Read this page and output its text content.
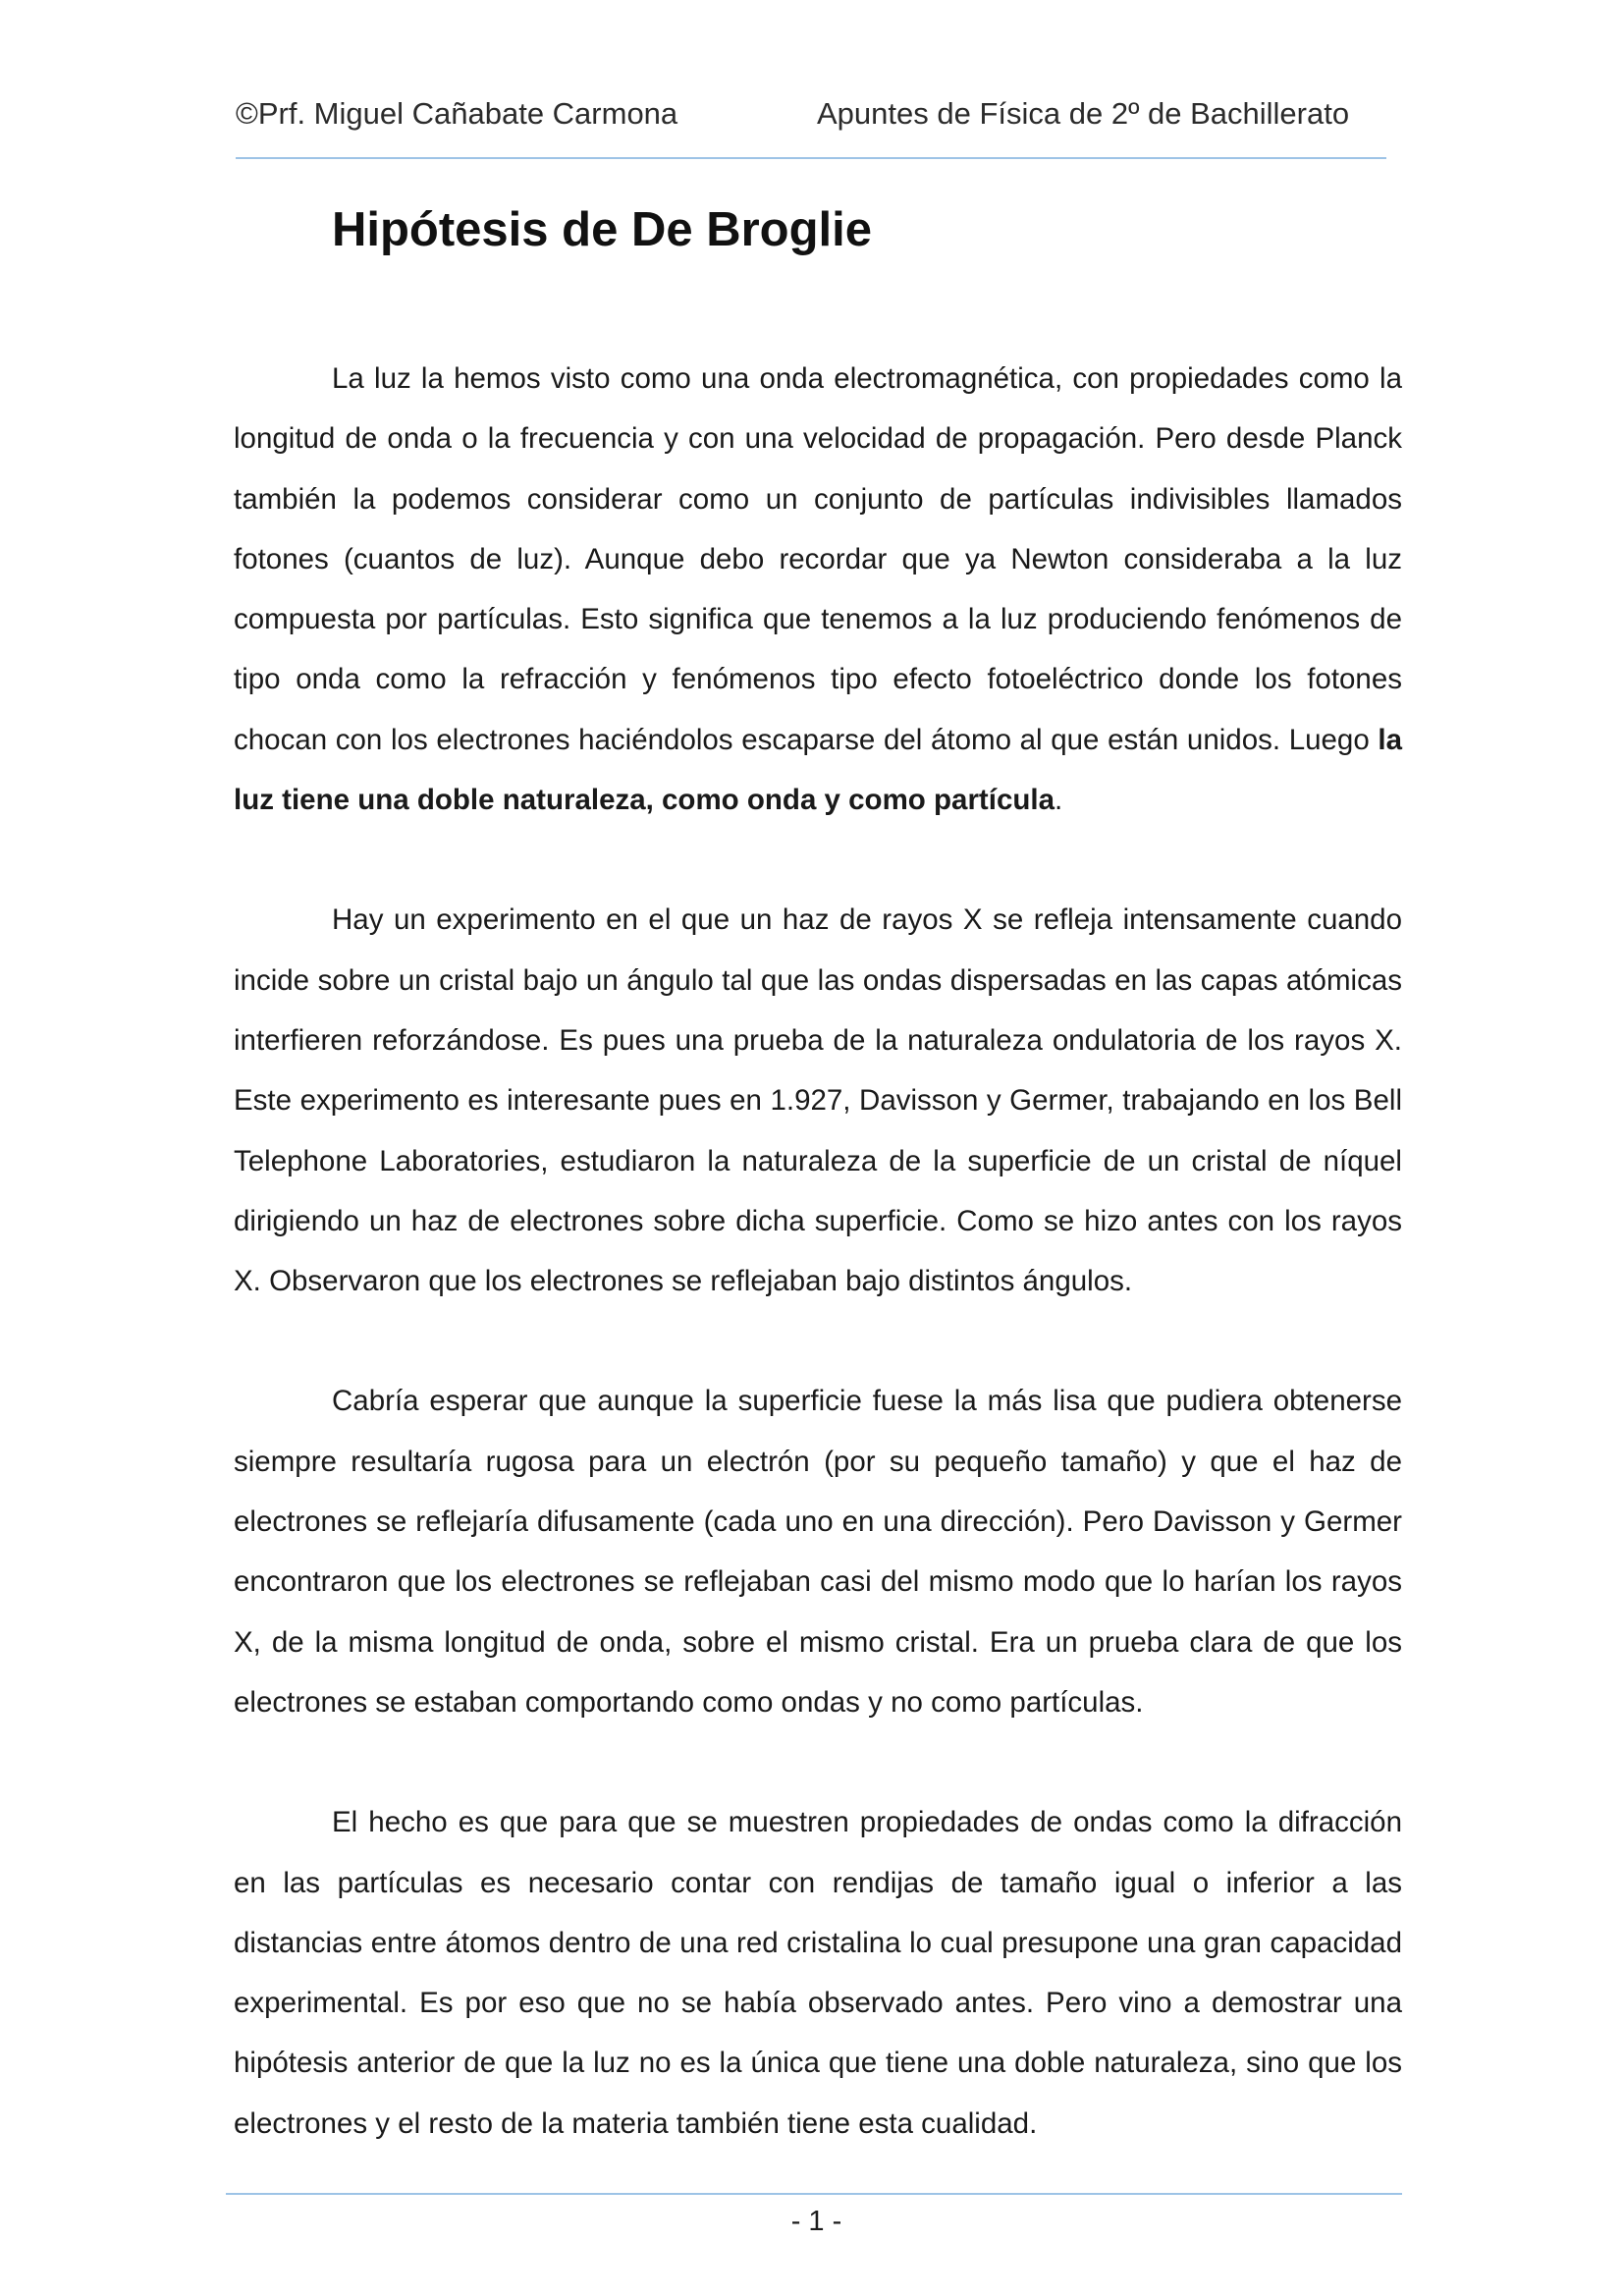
©Prf. Miguel Cañabate Carmona	Apuntes de Física de 2º de Bachillerato
Hipótesis de De Broglie

La luz la hemos visto como una onda electromagnética, con propiedades como la longitud de onda o la frecuencia y con una velocidad de propagación. Pero desde Planck también la podemos considerar como un conjunto de partículas indivisibles llamados fotones (cuantos de luz). Aunque debo recordar que ya Newton consideraba a la luz compuesta por partículas. Esto significa que tenemos a la luz produciendo fenómenos de tipo onda como la refracción y fenómenos tipo efecto fotoeléctrico donde los fotones chocan con los electrones haciéndolos escaparse del átomo al que están unidos. Luego la luz tiene una doble naturaleza, como onda y como partícula.

Hay un experimento en el que un haz de rayos X se refleja intensamente cuando incide sobre un cristal bajo un ángulo tal que las ondas dispersadas en las capas atómicas interfieren reforzándose. Es pues una prueba de la naturaleza ondulatoria de los rayos X. Este experimento es interesante pues en 1.927, Davisson y Germer, trabajando en los Bell Telephone Laboratories, estudiaron la naturaleza de la superficie de un cristal de níquel dirigiendo un haz de electrones sobre dicha superficie. Como se hizo antes con los rayos X. Observaron que los electrones se reflejaban bajo distintos ángulos.

Cabría esperar que aunque la superficie fuese la más lisa que pudiera obtenerse siempre resultaría rugosa para un electrón (por su pequeño tamaño) y que el haz de electrones se reflejaría difusamente (cada uno en una dirección). Pero Davisson y Germer encontraron que los electrones se reflejaban casi del mismo modo que lo harían los rayos X, de la misma longitud de onda, sobre el mismo cristal. Era un prueba clara de que los electrones se estaban comportando como ondas y no como partículas.

El hecho es que para que se muestren propiedades de ondas como la difracción en las partículas es necesario contar con rendijas de tamaño igual o inferior a las distancias entre átomos dentro de una red cristalina lo cual presupone una gran capacidad experimental. Es por eso que no se había observado antes. Pero vino a demostrar una hipótesis anterior de que la luz no es la única que tiene una doble naturaleza, sino que los electrones y el resto de la materia también tiene esta cualidad.

- 1 -
